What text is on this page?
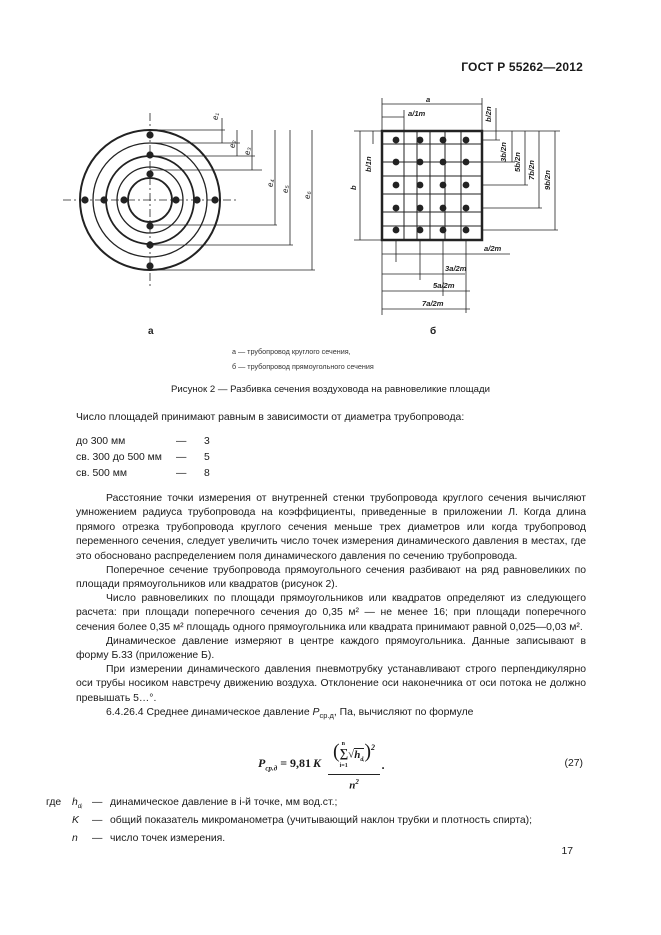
ГОСТ Р 55262—2012
e₁
e₂
e₃
e₄
e₅
e₆
а
a
a/1m
b
b/1n
b/2n
3b/2n
5b/2n 7b/2n
9b/2n
a/2m
3a/2m
5a/2m
7a/2m
б
а — трубопровод круглого сечения,
б — трубопровод прямоугольного сечения
Рисунок 2 — Разбивка сечения воздуховода на равновеликие площади
Число площадей принимают равным в зависимости от диаметра трубопровода:
до 300 мм	—	3
св. 300 до 500 мм	—	5
св. 500 мм	—	8
Расстояние точки измерения от внутренней стенки трубопровода круглого сечения вычисляют умножением радиуса трубопровода на коэффициенты, приведенные в приложении Л. Когда длина прямого отрезка трубопровода круглого сечения меньше трех диаметров или когда трубопровод переменного сечения, следует увеличить число точек измерения динамического давления в местах, где это обосновано распределением поля динамического давления по сечению трубопровода.
Поперечное сечение трубопровода прямоугольного сечения разбивают на ряд равновеликих по площади прямоугольников или квадратов (рисунок 2).
Число равновеликих по площади прямоугольников или квадратов определяют из следующего расчета: при площади поперечного сечения до 0,35 м² — не менее 16; при площади поперечного сечения более 0,35 м² площадь одного прямоугольника или квадрата принимают равной 0,025—0,03 м².
Динамическое давление измеряют в центре каждого прямоугольника. Данные записывают в форму Б.33 (приложение Б).
При измерении динамического давления пневмотрубку устанавливают строго перпендикулярно оси трубы носиком навстречу движению воздуха. Отклонение оси наконечника от оси потока не должно превышать 5…°.
6.4.26.4 Среднее динамическое давление $P_{ср.д}$, Па, вычисляют по формуле
$P_{ср.д} = 9,81$ K
( n
∑
i=1
$√h_{dᵢ})^2$
$n^2$
.	(27)
где	$h_{dᵢ}$ — динамическое давление в i-й точке, мм вод.ст.;
K	— общий показатель микроманометра (учитывающий наклон трубки и плотность спирта);
n	— число точек измерения.
17
